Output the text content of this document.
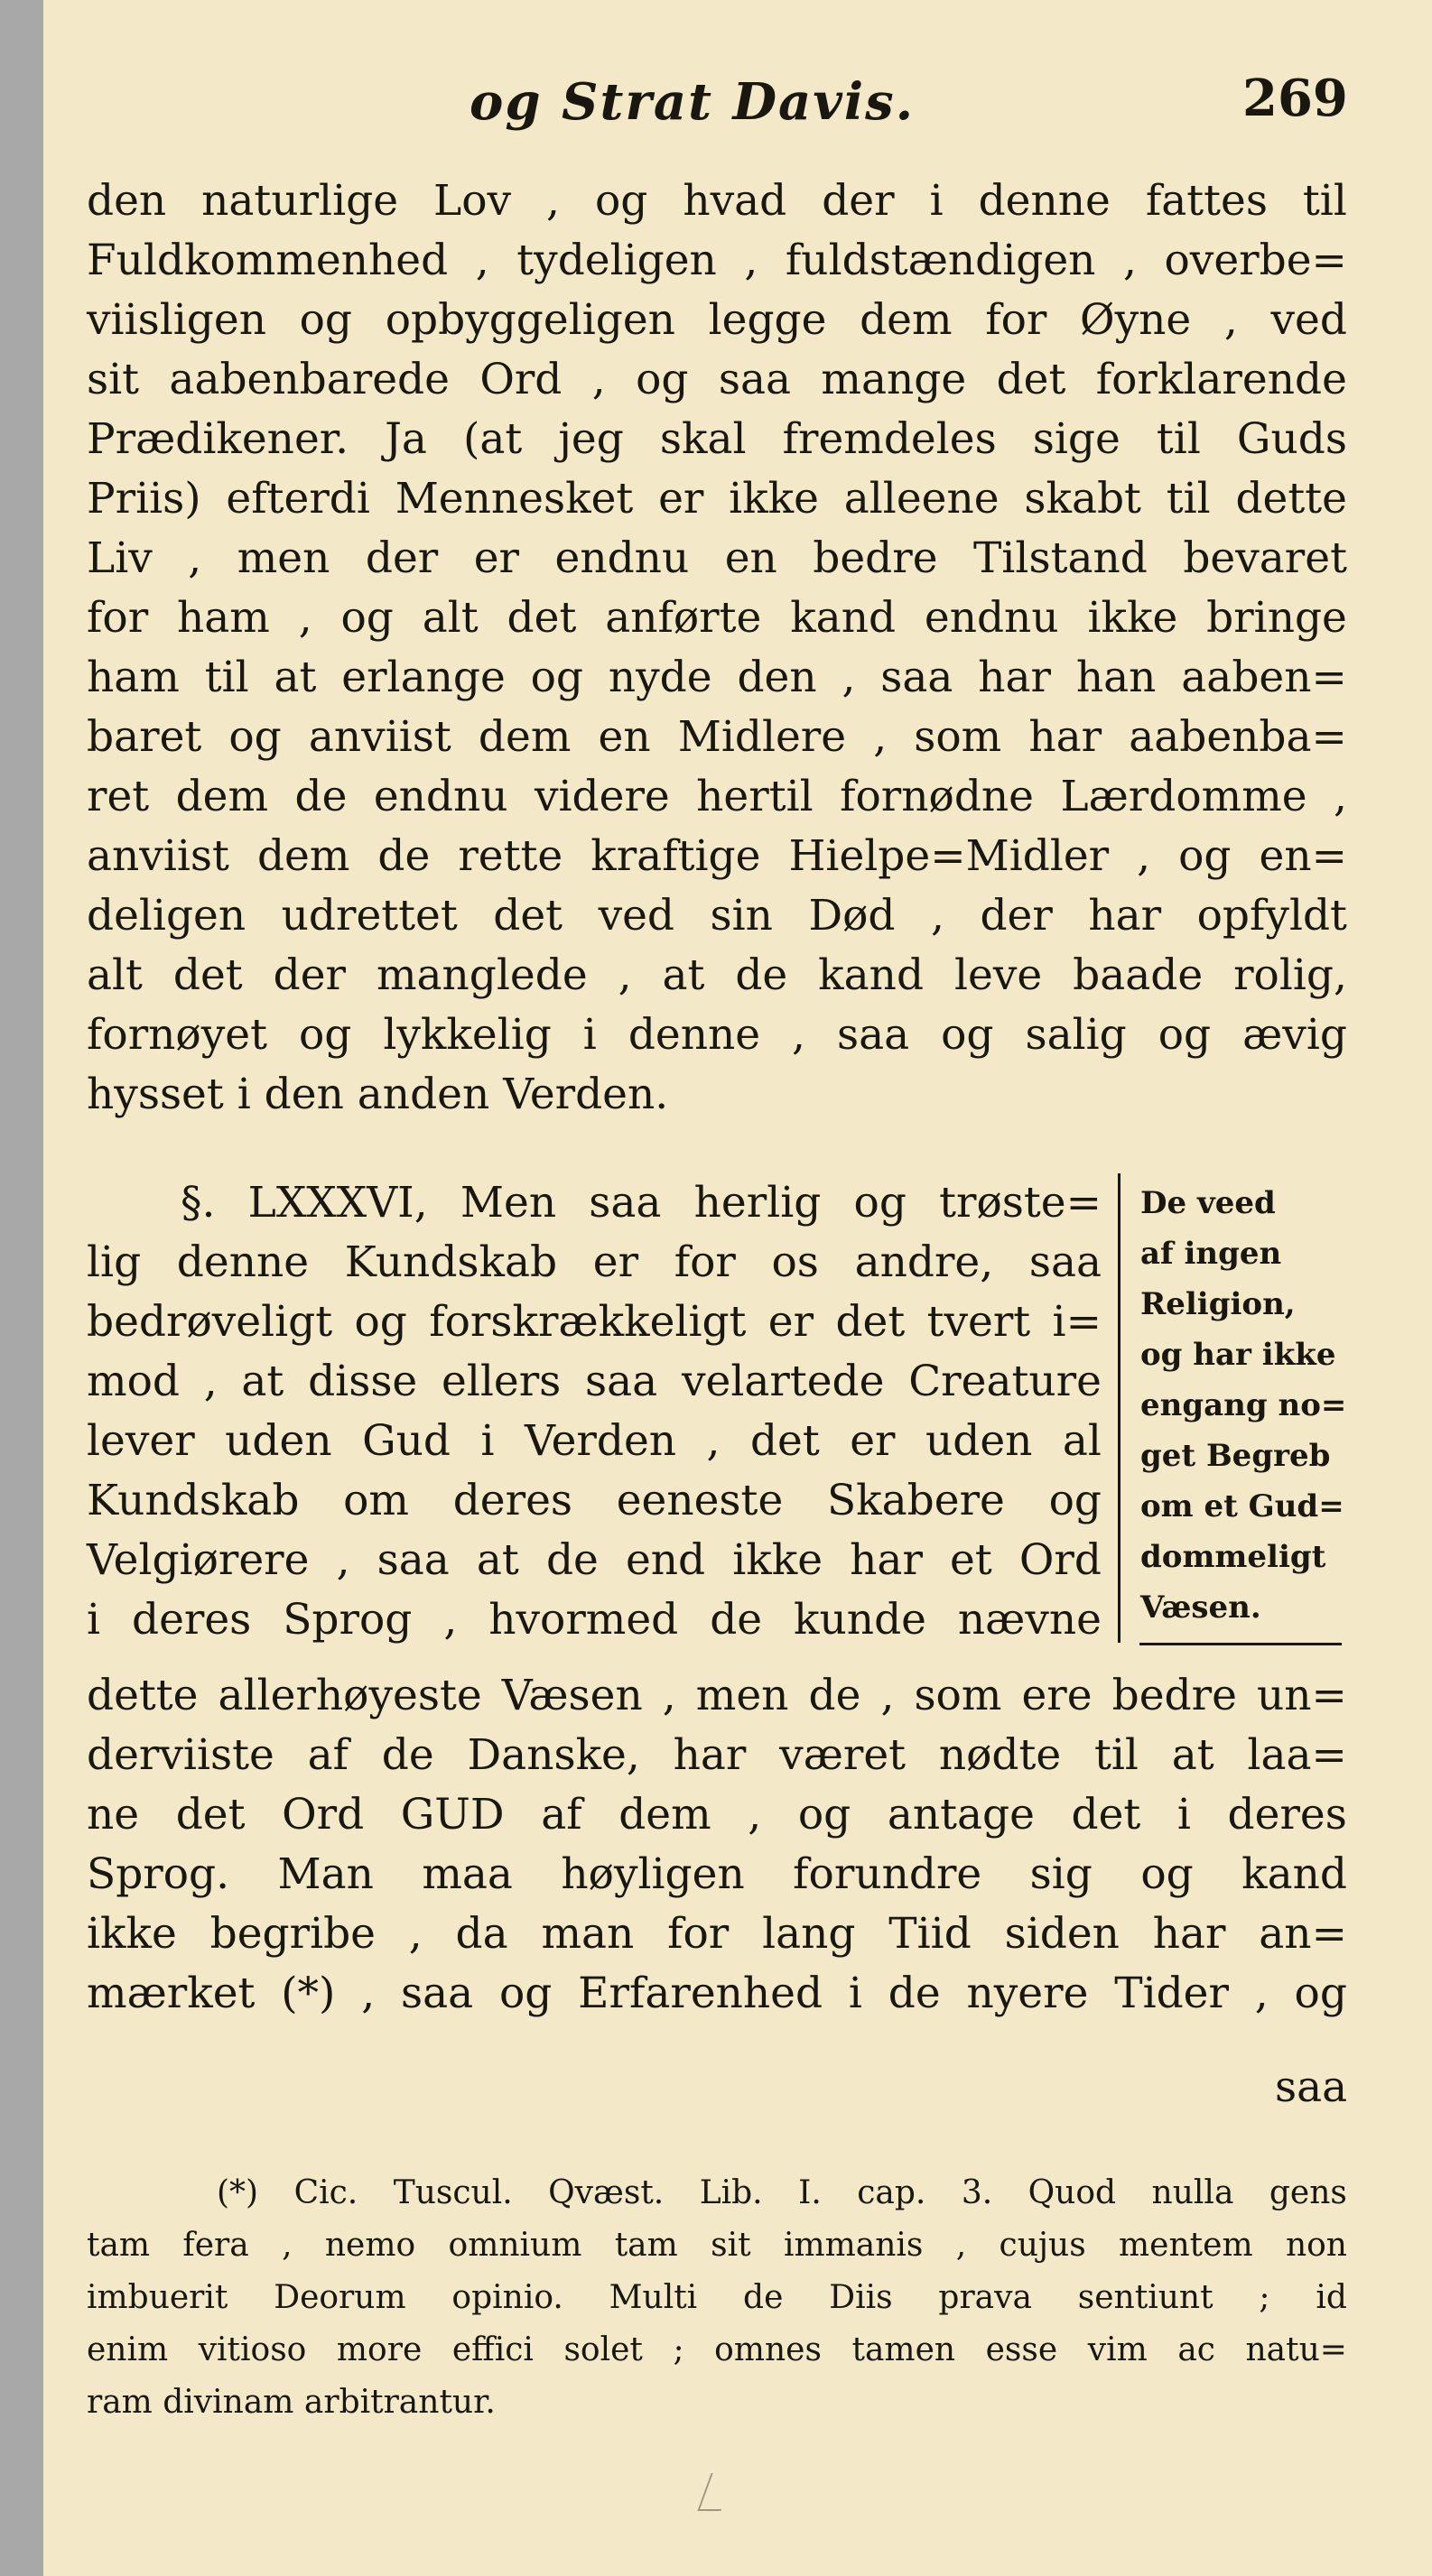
og Strat Davis.	269
den naturlige Lov , og hvad der i denne fattes til
Fuldkommenhed , tydeligen , fuldstændigen , overbe=
viisligen og opbyggeligen legge dem for Øyne , ved
sit aabenbarede Ord , og saa mange det forklarende
Prædikener. Ja (at jeg skal fremdeles sige til Guds
Priis) efterdi Mennesket er ikke alleene skabt til dette
Liv , men der er endnu en bedre Tilstand bevaret
for ham , og alt det anførte kand endnu ikke bringe
ham til at erlange og nyde den , saa har han aaben=
baret og anviist dem en Midlere , som har aabenba=
ret dem de endnu videre hertil fornødne Lærdomme ,
anviist dem de rette kraftige Hielpe=Midler , og en=
deligen udrettet det ved sin Død , der har opfyldt
alt det der manglede , at de kand leve baade rolig,
fornøyet og lykkelig i denne , saa og salig og ævig
hysset i den anden Verden.
§. LXXXVI, Men saa herlig og trøste=
lig denne Kundskab er for os andre, saa
bedrøveligt og forskrækkeligt er det tvert i=
mod , at disse ellers saa velartede Creature
lever uden Gud i Verden , det er uden al
Kundskab om deres eeneste Skabere og
Velgiørere , saa at de end ikke har et Ord
i deres Sprog , hvormed de kunde nævne
De veed
af ingen
Religion,
og har ikke
engang no=
get Begreb
om et Gud=
dommeligt
Væsen.
dette allerhøyeste Væsen , men de , som ere bedre un=
derviiste af de Danske, har været nødte til at laa=
ne det Ord GUD af dem , og antage det i deres
Sprog. Man maa høyligen forundre sig og kand
ikke begribe , da man for lang Tiid siden har an=
mærket (*) , saa og Erfarenhed i de nyere Tider , og
saa
(*) Cic. Tuscul. Qvæst. Lib. I. cap. 3. Quod nulla gens
tam fera , nemo omnium tam sit immanis , cujus mentem non
imbuerit Deorum opinio. Multi de Diis prava sentiunt ; id
enim vitioso more effici solet ; omnes tamen esse vim ac natu=
ram divinam arbitrantur.
